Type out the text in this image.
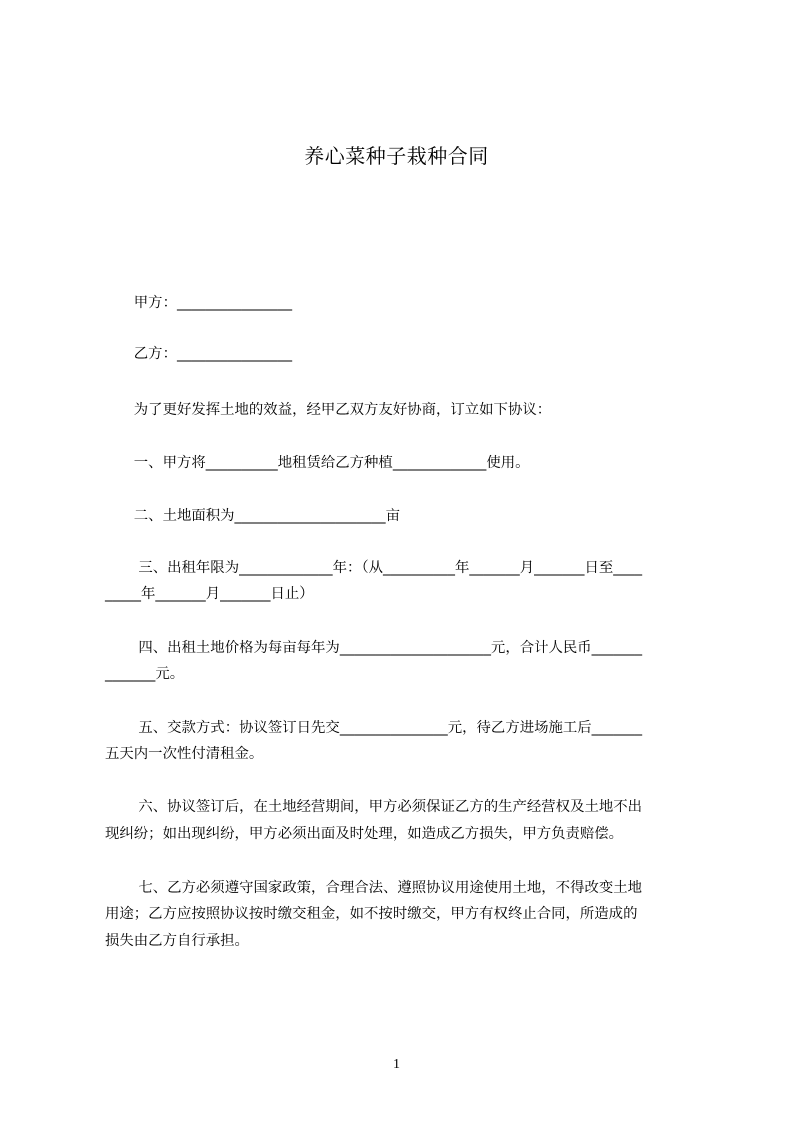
养心菜种子栽种合同
　　甲方：________________
　　乙方：________________
　　为了更好发挥土地的效益，经甲乙双方友好协商，订立如下协议：
　　一、甲方将__________地租赁给乙方种植_____________使用。
　　二、土地面积为_____________________亩
　　 三、出租年限为_____________年：（从__________年_______月_______日至____
_____年_______月_______日止）
　　 四、出租土地价格为每亩每年为_____________________元，合计人民币_______
_______元。
　　 五、交款方式：协议签订日先交_______________元，待乙方进场施工后_______
五天内一次性付清租金。
　　 六、协议签订后，在土地经营期间，甲方必须保证乙方的生产经营权及土地不出
现纠纷；如出现纠纷，甲方必须出面及时处理，如造成乙方损失，甲方负责赔偿。
　　 七、乙方必须遵守国家政策，合理合法、遵照协议用途使用土地，不得改变土地
用途；乙方应按照协议按时缴交租金，如不按时缴交，甲方有权终止合同，所造成的
损失由乙方自行承担。
1
